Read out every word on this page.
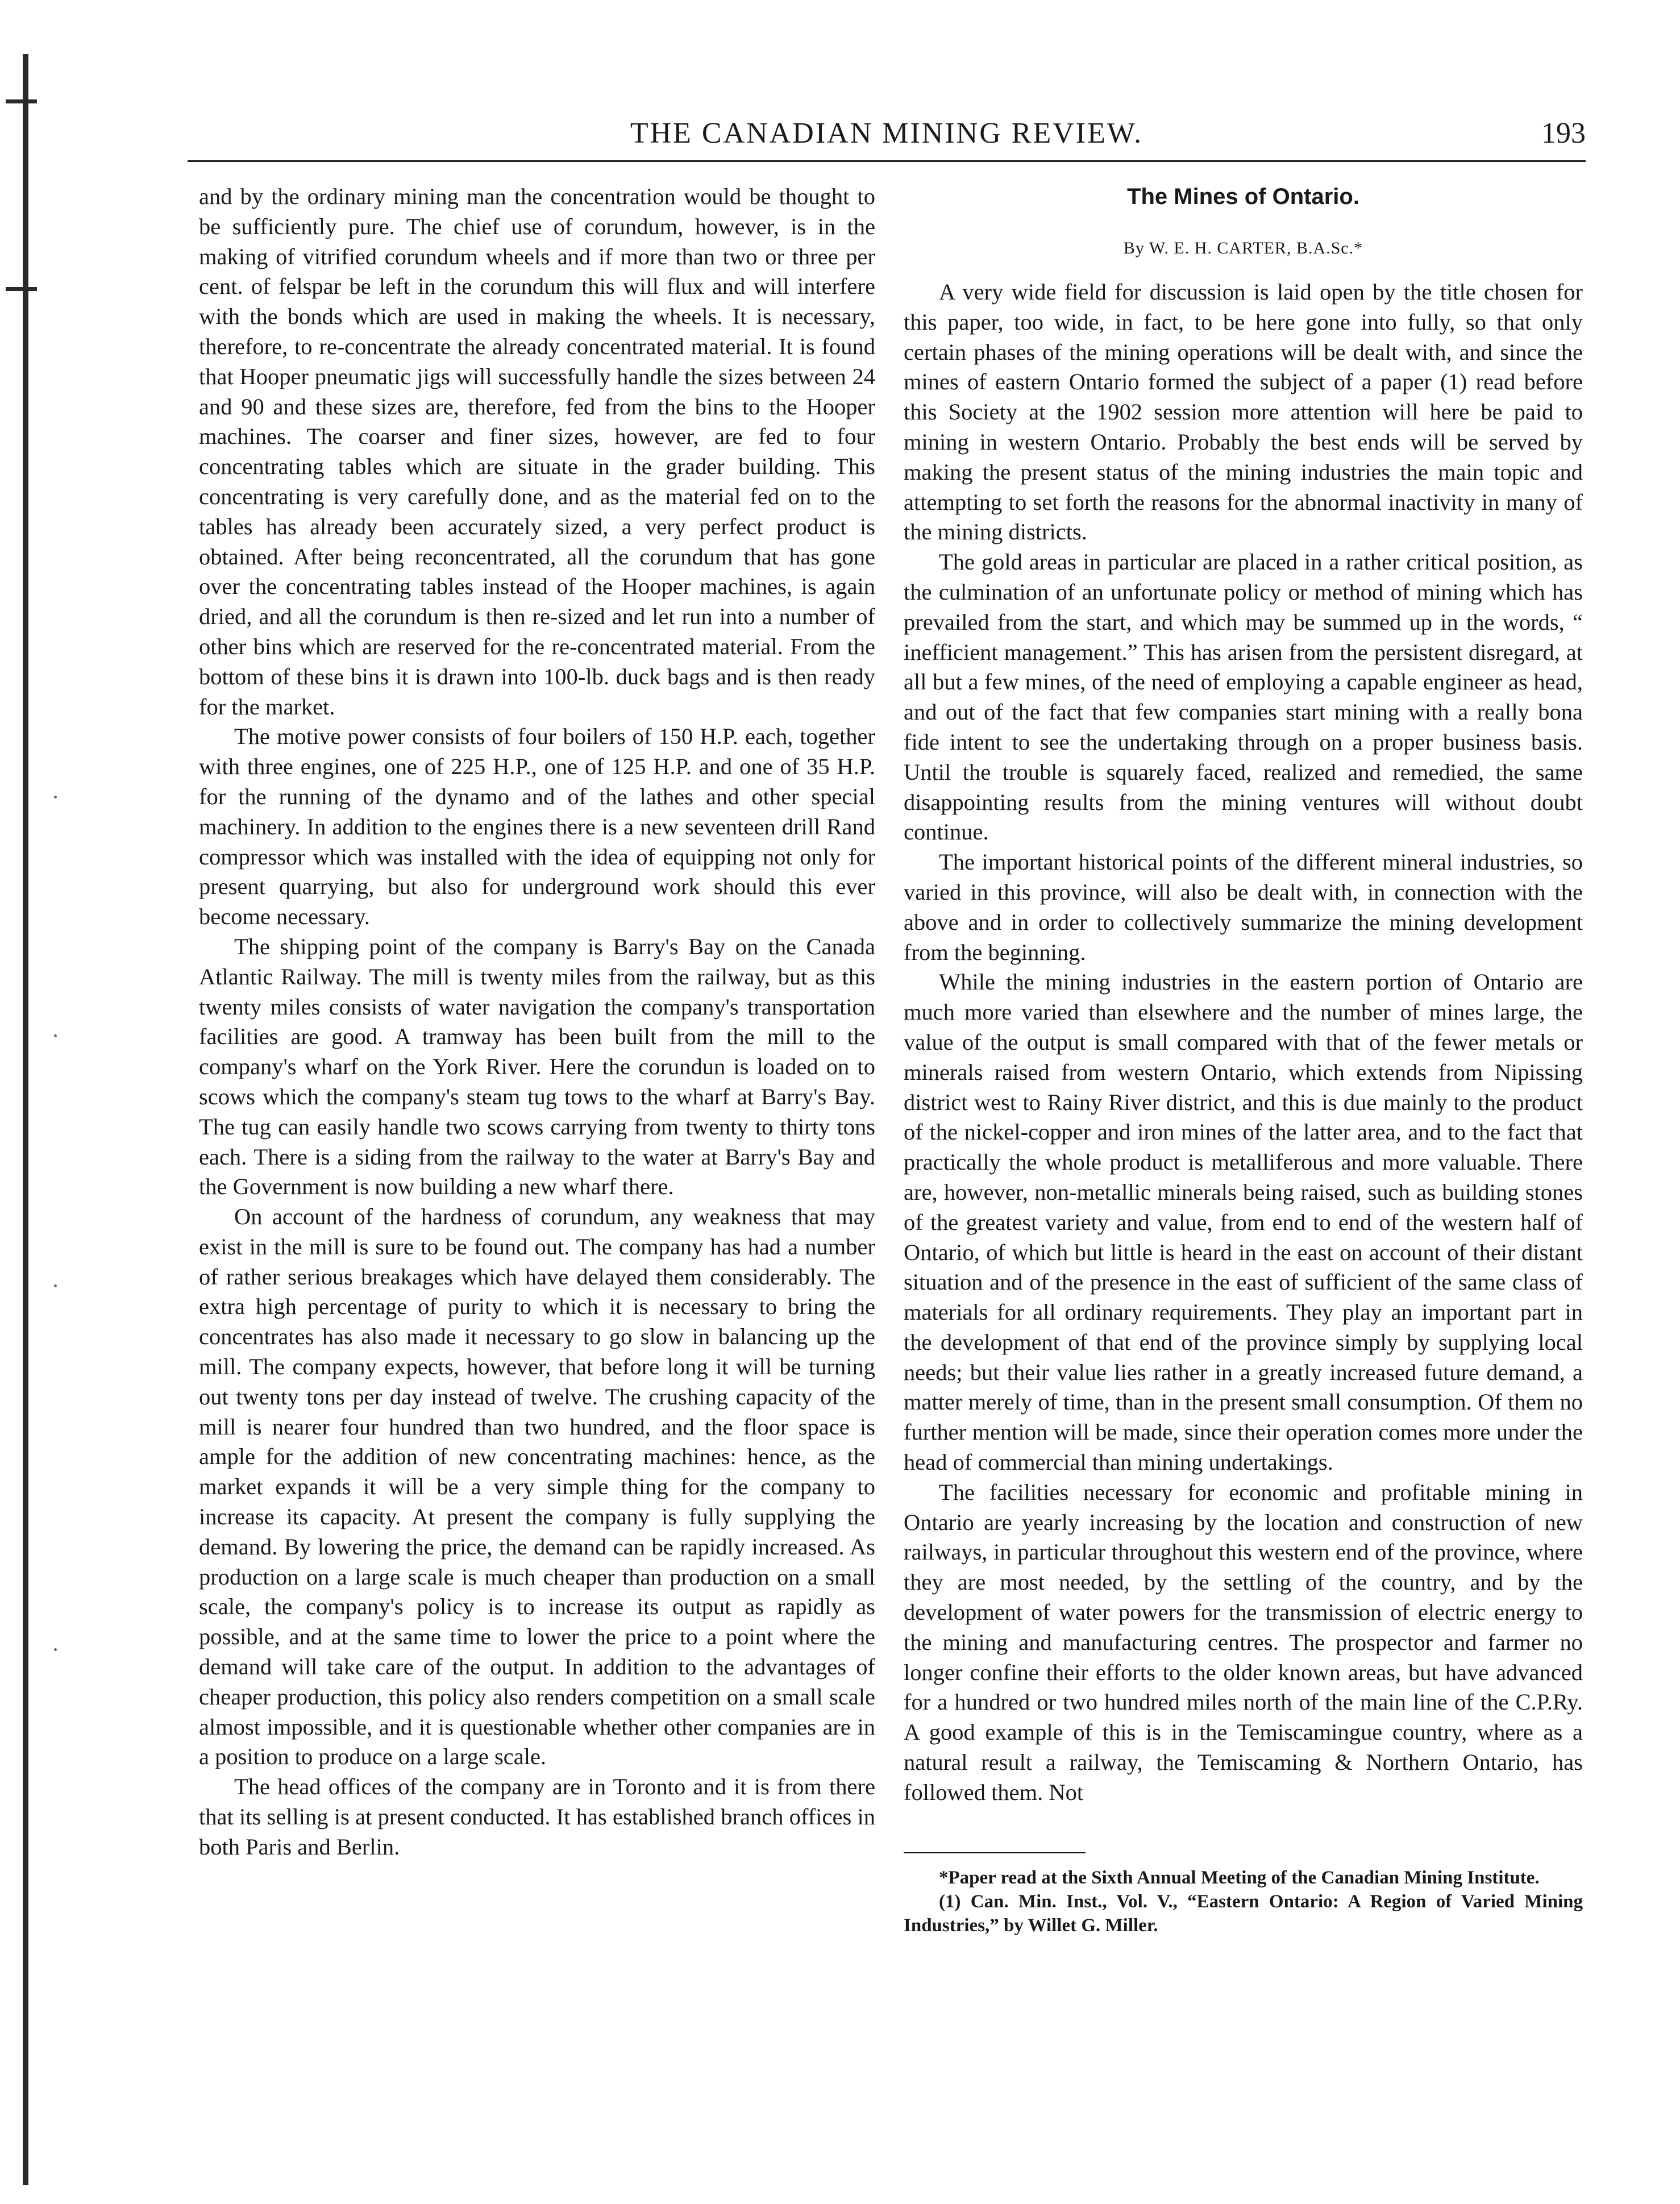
THE CANADIAN MINING REVIEW.	193

and by the ordinary mining man the concentration would be thought to be sufficiently pure. The chief use of corundum, however, is in the making of vitrified corundum wheels and if more than two or three per cent. of felspar be left in the corundum this will flux and will interfere with the bonds which are used in making the wheels. It is necessary, therefore, to re-concentrate the already concentrated material. It is found that Hooper pneumatic jigs will successfully handle the sizes between 24 and 90 and these sizes are, therefore, fed from the bins to the Hooper machines. The coarser and finer sizes, however, are fed to four concentrating tables which are situate in the grader building. This concentrating is very carefully done, and as the material fed on to the tables has already been accurately sized, a very perfect product is obtained. After being reconcentrated, all the corundum that has gone over the concentrating tables instead of the Hooper machines, is again dried, and all the corundum is then re-sized and let run into a number of other bins which are reserved for the re-concentrated material. From the bottom of these bins it is drawn into 100-lb. duck bags and is then ready for the market.

The motive power consists of four boilers of 150 H.P. each, together with three engines, one of 225 H.P., one of 125 H.P. and one of 35 H.P. for the running of the dynamo and of the lathes and other special machinery. In addition to the engines there is a new seventeen drill Rand compressor which was installed with the idea of equipping not only for present quarrying, but also for underground work should this ever become necessary.

The shipping point of the company is Barry's Bay on the Canada Atlantic Railway. The mill is twenty miles from the railway, but as this twenty miles consists of water navigation the company's transportation facilities are good. A tramway has been built from the mill to the company's wharf on the York River. Here the corundun is loaded on to scows which the company's steam tug tows to the wharf at Barry's Bay. The tug can easily handle two scows carrying from twenty to thirty tons each. There is a siding from the railway to the water at Barry's Bay and the Government is now building a new wharf there.

On account of the hardness of corundum, any weakness that may exist in the mill is sure to be found out. The company has had a number of rather serious breakages which have delayed them considerably. The extra high percentage of purity to which it is necessary to bring the concentrates has also made it necessary to go slow in balancing up the mill. The company expects, however, that before long it will be turning out twenty tons per day instead of twelve. The crushing capacity of the mill is nearer four hundred than two hundred, and the floor space is ample for the addition of new concentrating machines: hence, as the market expands it will be a very simple thing for the company to increase its capacity. At present the company is fully supplying the demand. By lowering the price, the demand can be rapidly increased. As production on a large scale is much cheaper than production on a small scale, the company's policy is to increase its output as rapidly as possible, and at the same time to lower the price to a point where the demand will take care of the output. In addition to the advantages of cheaper production, this policy also renders competition on a small scale almost impossible, and it is questionable whether other companies are in a position to produce on a large scale.

The head offices of the company are in Toronto and it is from there that its selling is at present conducted. It has established branch offices in both Paris and Berlin.

The Mines of Ontario.
By W. E. H. CARTER, B.A.Sc.*

A very wide field for discussion is laid open by the title chosen for this paper, too wide, in fact, to be here gone into fully, so that only certain phases of the mining operations will be dealt with, and since the mines of eastern Ontario formed the subject of a paper (1) read before this Society at the 1902 session more attention will here be paid to mining in western Ontario. Probably the best ends will be served by making the present status of the mining industries the main topic and attempting to set forth the reasons for the abnormal inactivity in many of the mining districts.

The gold areas in particular are placed in a rather critical position, as the culmination of an unfortunate policy or method of mining which has prevailed from the start, and which may be summed up in the words, “ inefficient management.” This has arisen from the persistent disregard, at all but a few mines, of the need of employing a capable engineer as head, and out of the fact that few companies start mining with a really bona fide intent to see the undertaking through on a proper business basis. Until the trouble is squarely faced, realized and remedied, the same disappointing results from the mining ventures will without doubt continue.

The important historical points of the different mineral industries, so varied in this province, will also be dealt with, in connection with the above and in order to collectively summarize the mining development from the beginning.

While the mining industries in the eastern portion of Ontario are much more varied than elsewhere and the number of mines large, the value of the output is small compared with that of the fewer metals or minerals raised from western Ontario, which extends from Nipissing district west to Rainy River district, and this is due mainly to the product of the nickel-copper and iron mines of the latter area, and to the fact that practically the whole product is metalliferous and more valuable. There are, however, non-metallic minerals being raised, such as building stones of the greatest variety and value, from end to end of the western half of Ontario, of which but little is heard in the east on account of their distant situation and of the presence in the east of sufficient of the same class of materials for all ordinary requirements. They play an important part in the development of that end of the province simply by supplying local needs; but their value lies rather in a greatly increased future demand, a matter merely of time, than in the present small consumption. Of them no further mention will be made, since their operation comes more under the head of commercial than mining undertakings.

The facilities necessary for economic and profitable mining in Ontario are yearly increasing by the location and construction of new railways, in particular throughout this western end of the province, where they are most needed, by the settling of the country, and by the development of water powers for the transmission of electric energy to the mining and manufacturing centres. The prospector and farmer no longer confine their efforts to the older known areas, but have advanced for a hundred or two hundred miles north of the main line of the C.P.Ry. A good example of this is in the Temiscamingue country, where as a natural result a railway, the Temiscaming & Northern Ontario, has followed them. Not

*Paper read at the Sixth Annual Meeting of the Canadian Mining Institute.

(1) Can. Min. Inst., Vol. V., “Eastern Ontario: A Region of Varied Mining Industries,” by Willet G. Miller.
